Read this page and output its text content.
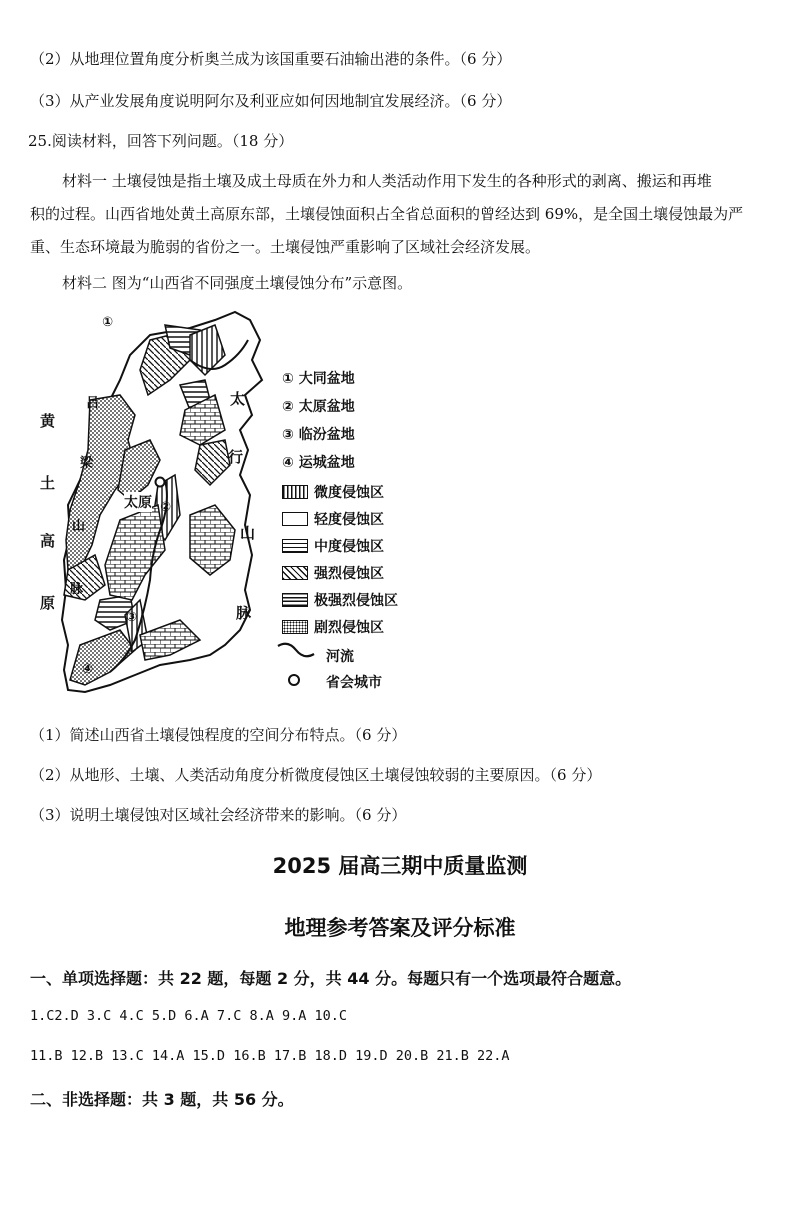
（2）从地理位置角度分析奥兰成为该国重要石油输出港的条件。（6 分）
（3）从产业发展角度说明阿尔及利亚应如何因地制宜发展经济。（6 分）
25.阅读材料，回答下列问题。（18 分）
材料一 土壤侵蚀是指土壤及成土母质在外力和人类活动作用下发生的各种形式的剥离、搬运和再堆
积的过程。山西省地处黄土高原东部，土壤侵蚀面积占全省总面积的曾经达到 69%，是全国土壤侵蚀最为严
重、生态环境最为脆弱的省份之一。土壤侵蚀严重影响了区域社会经济发展。
材料二 图为“山西省不同强度土壤侵蚀分布”示意图。
黄
土
高
原
吕
梁
山
脉
太
行
山
脉
太原
①
②
③
④
① 大同盆地
② 太原盆地
③ 临汾盆地
④ 运城盆地
微度侵蚀区
轻度侵蚀区
中度侵蚀区
强烈侵蚀区
极强烈侵蚀区
剧烈侵蚀区
河流
省会城市
（1）简述山西省土壤侵蚀程度的空间分布特点。（6 分）
（2）从地形、土壤、人类活动角度分析微度侵蚀区土壤侵蚀较弱的主要原因。（6 分）
（3）说明土壤侵蚀对区域社会经济带来的影响。（6 分）
2025 届高三期中质量监测
地理参考答案及评分标准
一、单项选择题：共 22 题，每题 2 分，共 44 分。每题只有一个选项最符合题意。
1.C2.D 3.C 4.C 5.D 6.A 7.C 8.A 9.A 10.C
11.B 12.B 13.C 14.A 15.D 16.B 17.B 18.D 19.D 20.B 21.B 22.A
二、非选择题：共 3 题，共 56 分。
